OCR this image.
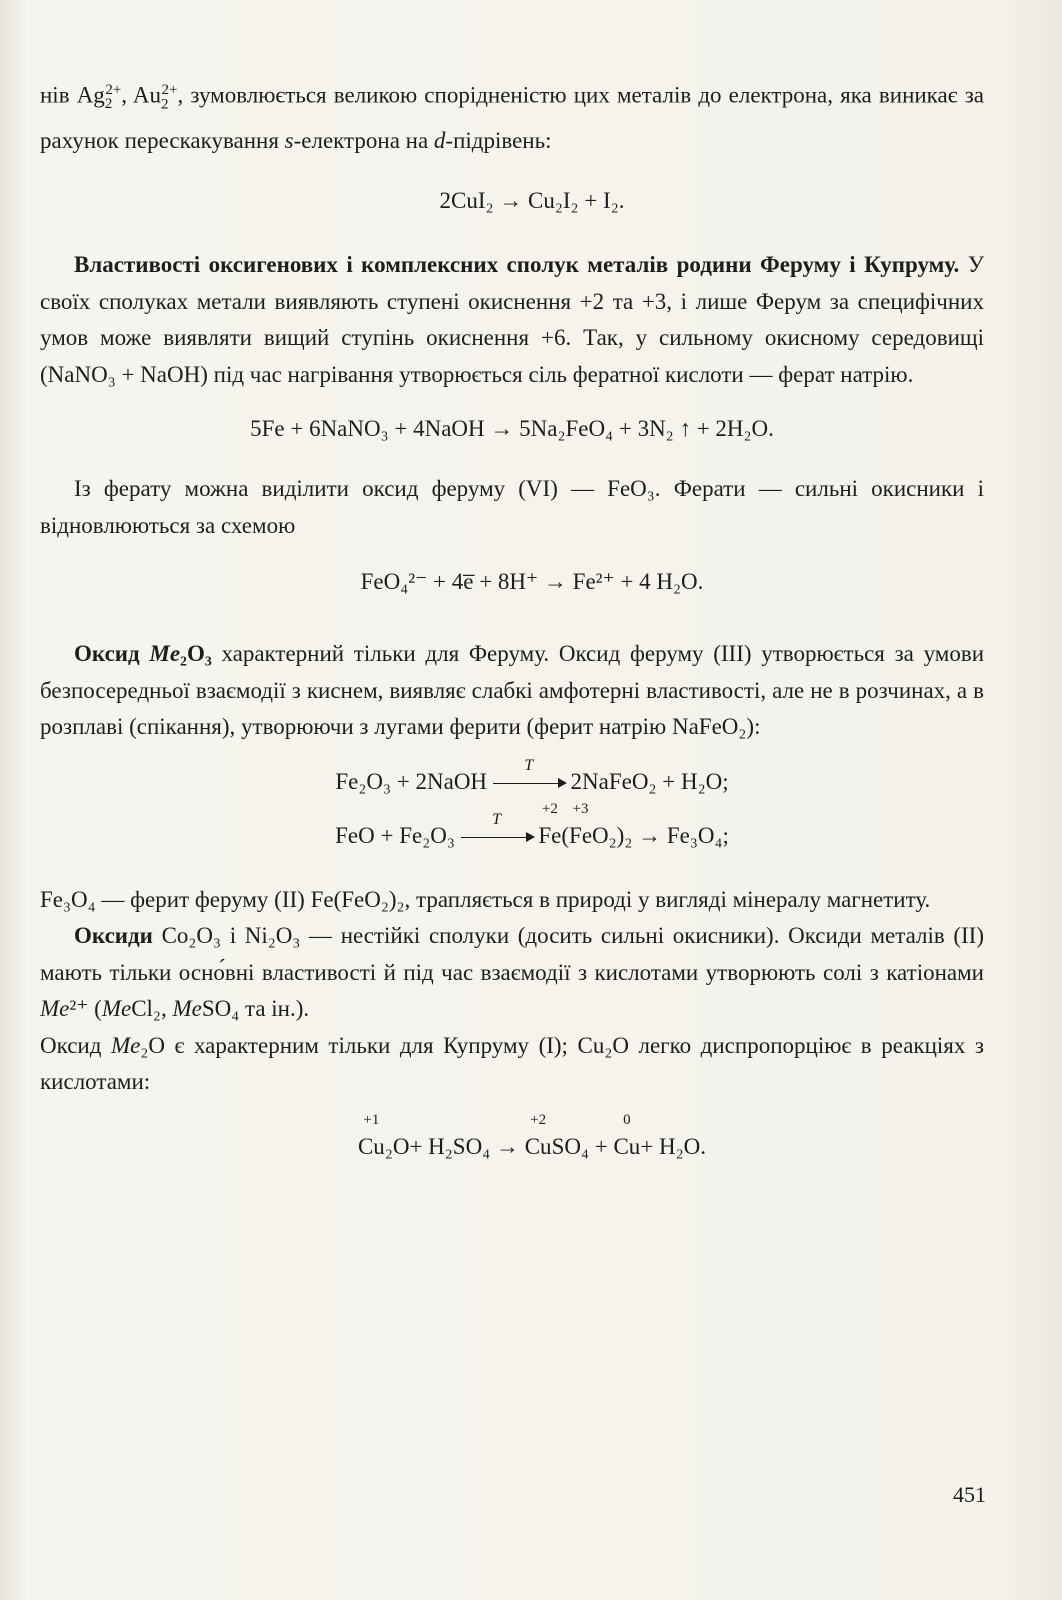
нів $Ag_2^{2+}$, $Au_2^{2+}$, зумовлюється великою спорідненістю цих металів до електрона, яка виникає за рахунок перескакування s-електрона на d-підрівень:

2CuI₂ → Cu₂I₂ + I₂.

Властивості оксигенових і комплексних сполук металів родини Феруму і Купруму. У своїх сполуках метали виявляють ступені окиснення +2 та +3, і лише Ферум за специфічних умов може виявляти вищий ступінь окиснення +6. Так, у сильному окисному середовищі (NaNO₃ + NaOH) під час нагрівання утворюється сіль фератної кислоти — ферат натрію.

5Fe + 6NaNO₃ + 4NaOH → 5Na₂FeO₄ + 3N₂ ↑ + 2H₂O.

Із ферату можна виділити оксид феруму (VI) — FeO₃. Ферати — сильні окисники і відновлюються за схемою

FeO₄²⁻ + 4e̅ + 8H⁺ → Fe²⁺ + 4 H₂O.

Оксид Me₂O₃ характерний тільки для Феруму. Оксид феруму (III) утворюється за умови безпосередньої взаємодії з киснем, виявляє слабкі амфотерні властивості, але не в розчинах, а в розплаві (спікання), утворюючи з лугами ферити (ферит натрію NaFeO₂):

Fe₂O₃ + 2NaOH
T
2NaFeO₂ + H₂O;
FeO + Fe₂O₃
T

+2
Fe(
+3
FeO₂)₂ → Fe₃O₄;

Fe₃O₄ — ферит феруму (II) Fe(FeO₂)₂, трапляється в природі у вигляді мінералу магнетиту.

Оксиди Co₂O₃ і Ni₂O₃ — нестійкі сполуки (досить сильні окисники). Оксиди металів (II) мають тільки осно́вні властивості й під час взаємодії з кислотами утворюють солі з катіонами Me²⁺ (MeCl₂, MeSO₄ та ін.).

Оксид Me₂O є характерним тільки для Купруму (I); Cu₂O легко диспропорціює в реакціях з кислотами:

+1
Cu₂O+ H₂SO₄ →
+2
CuSO₄ +
0
Cu+ H₂O.
451
